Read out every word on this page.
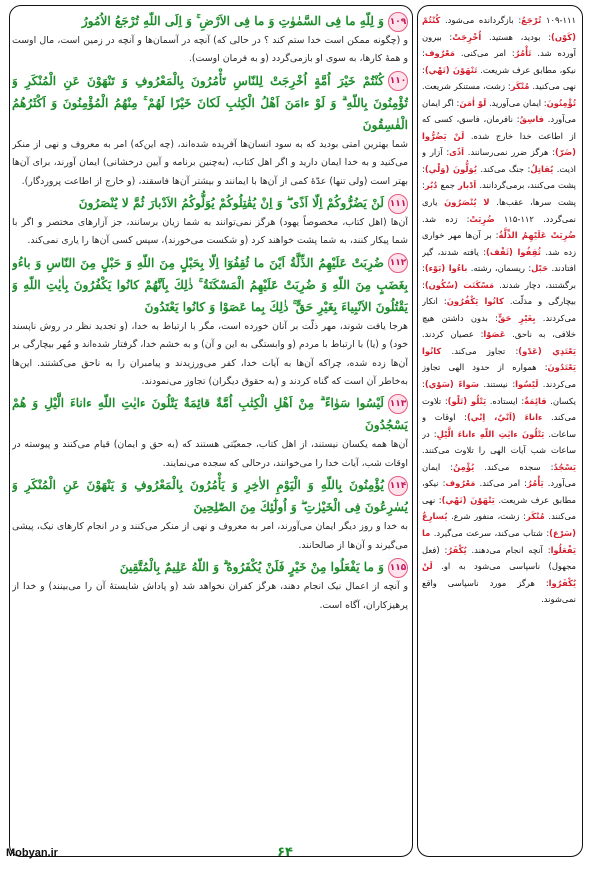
۱۰۹وَ لِلّهِ ما فِى السَّمٰوٰتِ وَ ما فِى الاَرْضِ ۚ وَ اِلَى اللّهِ تُرْجَعُ الاُمُورُ

و (چگونه ممکن است خدا ستم کند ؟ در حالی که) آنچه در آسمان‌ها و آنچه در زمین است، مال اوست و همهٔ کارها، به سوی او بازمی‌گردد (و به فرمان اوست).

۱۱۰كُنْتُمْ خَيْرَ اُمَّةٍ اُخْرِجَتْ لِلنّاسِ تَأْمُرُونَ بِالْمَعْرُوفِ وَ تَنْهَوْنَ عَنِ الْمُنْكَرِ وَ تُؤْمِنُونَ بِاللّهِ ۗ وَ لَوْ ءامَنَ اَهْلُ الْكِتٰبِ لَكانَ خَيْرًا لَهُمْ ۚ مِنْهُمُ الْمُؤْمِنُونَ وَ اَكْثَرُهُمُ الْفٰسِقُونَ

شما بهترین امتی بودید که به سود انسان‌ها آفریده شده‌اند، (چه این‌که) امر به معروف و نهی از منکر می‌کنید و به خدا ایمان دارید و اگر اهل کتاب، (به‌چنین برنامه و آیین درخشانی) ایمان آورند، برای آن‌ها بهتر است (ولی تنها) عدّهٔ کمی از آن‌ها با ایمانند و بیشتر آن‌ها فاسقند، (و خارج از اطاعت پروردگار).

۱۱۱لَنْ يَضُرُّوكُمْ اِلّا اَذًى ۖ وَ اِنْ يُقٰتِلُوكُمْ يُوَلُّوكُمُ الاَدْبارَ ثُمَّ لا يُنْصَرُونَ

آن‌ها (اهل کتاب، مخصوصاً یهود) هرگز نمی‌توانند به شما زیان برسانند، جز آزارهای مختصر و اگر با شما پیکار کنند، به شما پشت خواهند کرد (و شکست می‌خورند)، سپس کسی آن‌ها را یاری نمی‌کند.

۱۱۲ضُرِبَتْ عَلَيْهِمُ الذِّلَّةُ اَيْنَ ما ثُقِفُوٓا اِلّا بِحَبْلٍ مِنَ اللّهِ وَ حَبْلٍ مِنَ النّاسِ وَ باءُو بِغَضَبٍ مِنَ اللّهِ وَ ضُرِبَتْ عَلَيْهِمُ الْمَسْكَنَةُ ۚ ذٰلِكَ بِاَنَّهُمْ كانُوا يَكْفُرُونَ بِاٰيٰتِ اللّهِ وَ يَقْتُلُونَ الاَنْبِياءَ بِغَيْرِ حَقٍّ ۚ ذٰلِكَ بِما عَصَوْا وَ كانُوا يَعْتَدُونَ

هرجا یافت شوند، مهر ذلّت بر آنان خورده است، مگر با ارتباط به خدا، (و تجدید نظر در روش ناپسند خود) و (یا) با ارتباط با مردم (و وابستگی به این و آن) و به خشم خدا، گرفتار شده‌اند و مُهر بیچارگی بر آن‌ها زده شده، چراکه آن‌ها به آیات خدا، کفر می‌ورزیدند و پیامبران را به ناحق می‌کشتند. این‌ها به‌خاطر آن است که گناه کردند و (به حقوق دیگران) تجاوز می‌نمودند.

۱۱۳لَيْسُوا سَوٰاءً ۗ مِنْ اَهْلِ الْكِتٰبِ اُمَّةٌ قائِمَةٌ يَتْلُونَ ءايٰتِ اللّهِ ءاناءَ الَّيْلِ وَ هُمْ يَسْجُدُونَ

آن‌ها همه یکسان نیستند، از اهل کتاب، جمعیّتی هستند که (به حق و ایمان) قیام می‌کنند و پیوسته در اوقات شب، آیات خدا را می‌خوانند، درحالی که سجده می‌نمایند.

۱۱۴يُؤْمِنُونَ بِاللّهِ وَ الْيَوْمِ الاٰخِرِ وَ يَأْمُرُونَ بِالْمَعْرُوفِ وَ يَنْهَوْنَ عَنِ الْمُنْكَرِ وَ يُسٰرِعُونَ فِى الْخَيْرٰتِ ۖ وَ اُولٰٓئِكَ مِنَ الصّٰلِحِينَ

به خدا و روز دیگر ایمان می‌آورند، امر به معروف و نهی از منکر می‌کنند و در انجام کارهای نیک، پیشی می‌گیرند و آن‌ها از صالحانند.

۱۱۵وَ ما يَفْعَلُوا مِنْ خَيْرٍ فَلَنْ يُكْفَرُوهُ ۗ وَ اللّهُ عَلِيمٌ بِالْمُتَّقِينَ

و آنچه از اعمال نیک انجام دهند، هرگز کفران نخواهد شد (و پاداش شایستهٔ آن را می‌بینند) و خدا از پرهیزکاران، آگاه است.

۱۰۹-۱۱۱ تُرْجَعُ: بازگردانده می‌شود. كُنْتُمْ (كَوْن): بودید، هستید. اُخْرِجَتْ: بیرون آورده شد. تَأْمُرُ: امر می‌کنی. مَعْرُوف: نیکو، مطابق عرف شریعت. تَنْهَوْنَ (نَهْي): نهی می‌کنید. مُنْكَر: زشت، مستنکر شریعت. تُؤْمِنُونَ: ایمان می‌آورید. لَوْ اٰمَنَ: اگر ایمان می‌آورد. فاسِقُ: نافرمان، فاسق، کسی که از اطاعت خدا خارج شده. لَنْ يَضُرُّوا (ضَرّ): هرگز ضرر نمی‌رسانند. اَذًى: آزار و اذیت. يُقاتِلُ: جنگ می‌کند. يُوَلُّونَ (وَلْي): پشت می‌کنند، برمی‌گردانند. اَدْبار جمع دُبُر: پشت سرها، عقب‌ها. لا يُنْصَرُونَ یاری نمی‌گردد. ۱۱۲-۱۱۵ ضُرِبَتْ: زده شد. ضُرِبَتْ عَلَيْهِمُ الذِّلَّةُ: بر آن‌ها مهر خواری زده شد. ثُقِفُوا (ثَقْف): یافته شدند، گیر افتادند. حَبْل: ریسمان، رشته. باءُوا (بَوْء): برگشتند، دچار شدند. مَسْكَنَت (سُكُون): بیچارگی و مذلّت. كانُوا يَكْفُرُونَ: انکار می‌کردند. بِغَيْرِ حَقٍّ: بدون داشتن هیچ خلافی، به ناحق. عَصَوْا: عصیان کردند. يَعْتَدِي (عَدْو): تجاوز می‌کند. كانُوا يَعْتَدُونَ: همواره از حدود الهی تجاوز می‌کردند. لَيْسُوا: نیستند. سَواءً (سَوْي): یکسان. قائِمَةٌ: ایستاده. يَتْلُو (تَلْو): تلاوت می‌کند. ءاناءَ (اَنْيٌ، اِنْي): اوقات و ساعات. يَتْلُونَ ءايٰتِ اللّهِ ءاناءَ الَّيْلِ: در ساعات شب آیات الهی را تلاوت می‌کنند. يَسْجُدُ: سجده می‌کند. يُؤْمِنُ: ایمان می‌آورد. يَأْمُرُ: امر می‌کند. مَعْرُوف: نیکو، مطابق عرف شریعت. يَنْهَوْنَ (نَهْي): نهی می‌کنند. مُنْكَر: زشت، منفور شرع. يُسارِعُ (سَرْع): شتاب می‌کند، سرعت می‌گیرد. ما يَفْعَلُوا: آنچه انجام می‌دهند. يُكْفَرُ: (فعل مجهول) ناسپاسی می‌شود به او. لَنْ يُكْفَرُوا: هرگز مورد ناسپاسی واقع نمی‌شوند.
۶۴
Mobyan.ir
